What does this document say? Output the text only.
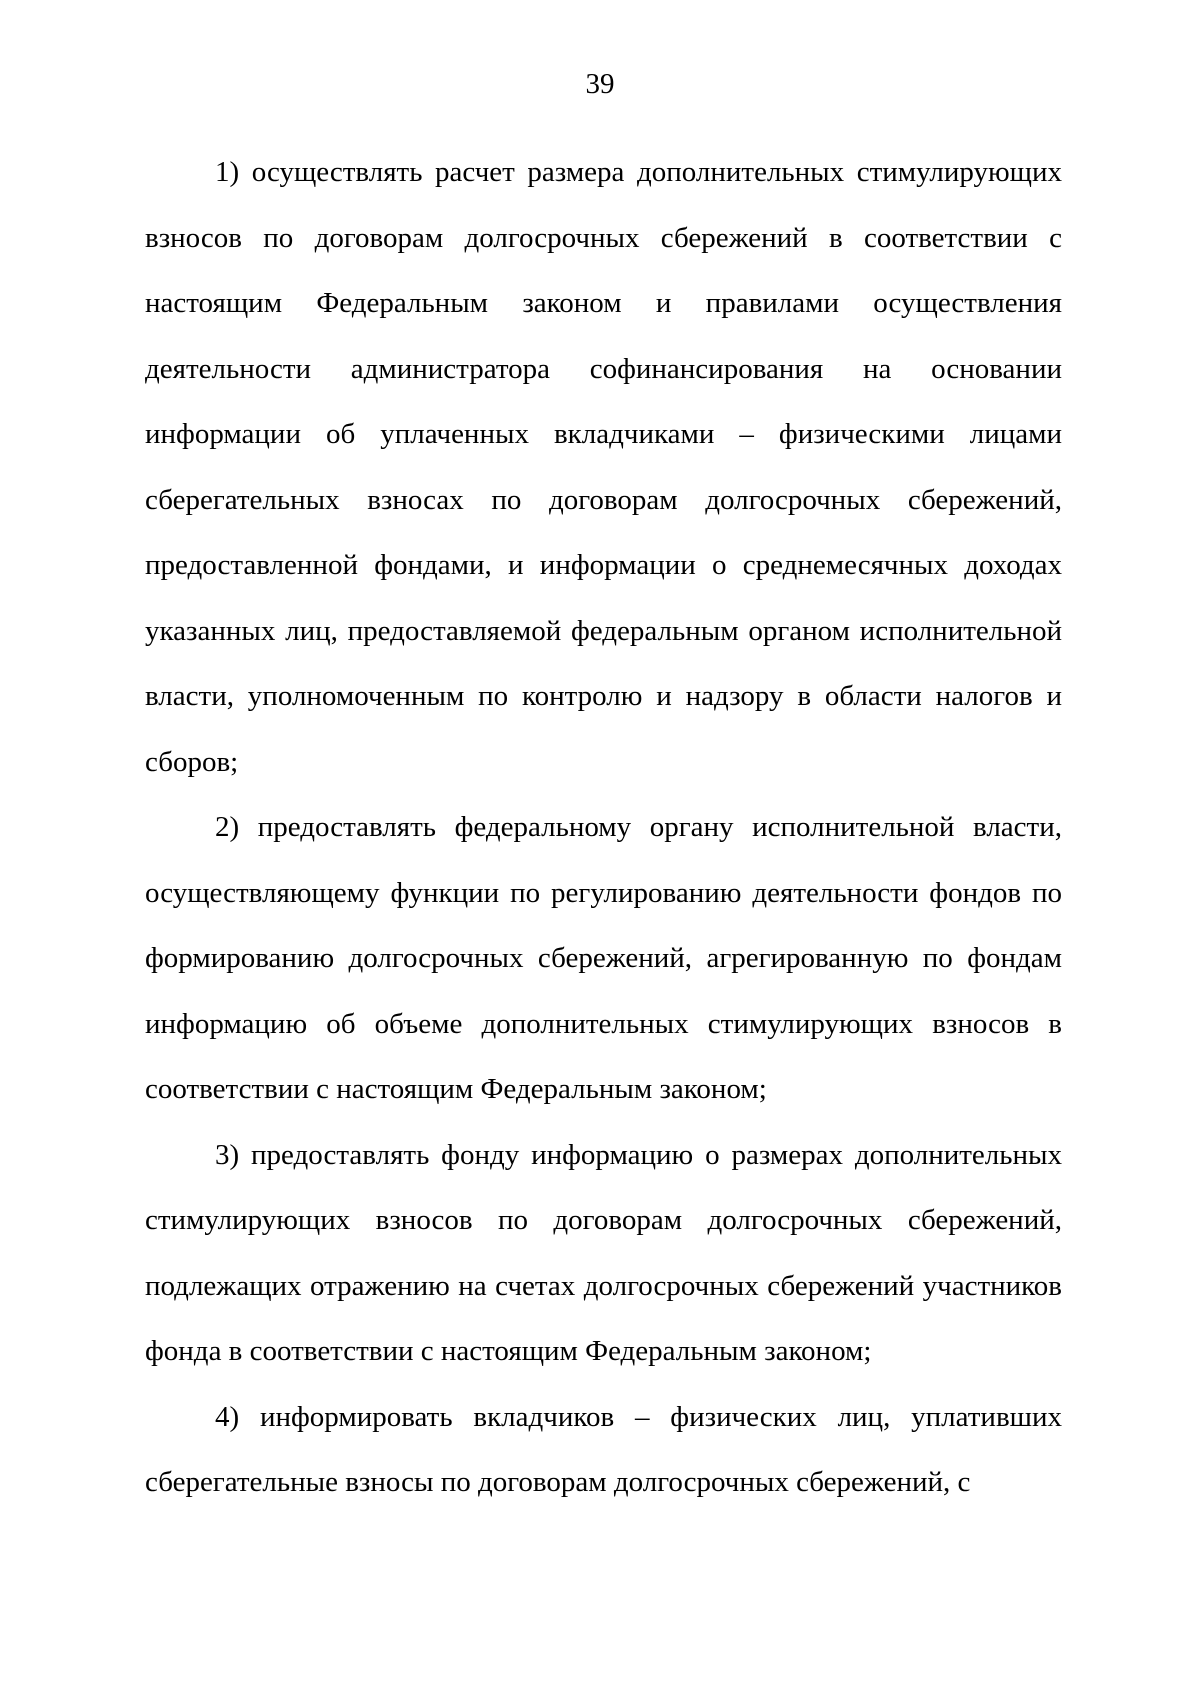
39

1) осуществлять расчет размера дополнительных стимулирующих взносов по договорам долгосрочных сбережений в соответствии с настоящим Федеральным законом и правилами осуществления деятельности администратора софинансирования на основании информации об уплаченных вкладчиками – физическими лицами сберегательных взносах по договорам долгосрочных сбережений, предоставленной фондами, и информации о среднемесячных доходах указанных лиц, предоставляемой федеральным органом исполнительной власти, уполномоченным по контролю и надзору в области налогов и сборов;

2) предоставлять федеральному органу исполнительной власти, осуществляющему функции по регулированию деятельности фондов по формированию долгосрочных сбережений, агрегированную по фондам информацию об объеме дополнительных стимулирующих взносов в соответствии с настоящим Федеральным законом;

3) предоставлять фонду информацию о размерах дополнительных стимулирующих взносов по договорам долгосрочных сбережений, подлежащих отражению на счетах долгосрочных сбережений участников фонда в соответствии с настоящим Федеральным законом;

4) информировать вкладчиков – физических лиц, уплативших сберегательные взносы по договорам долгосрочных сбережений, с
